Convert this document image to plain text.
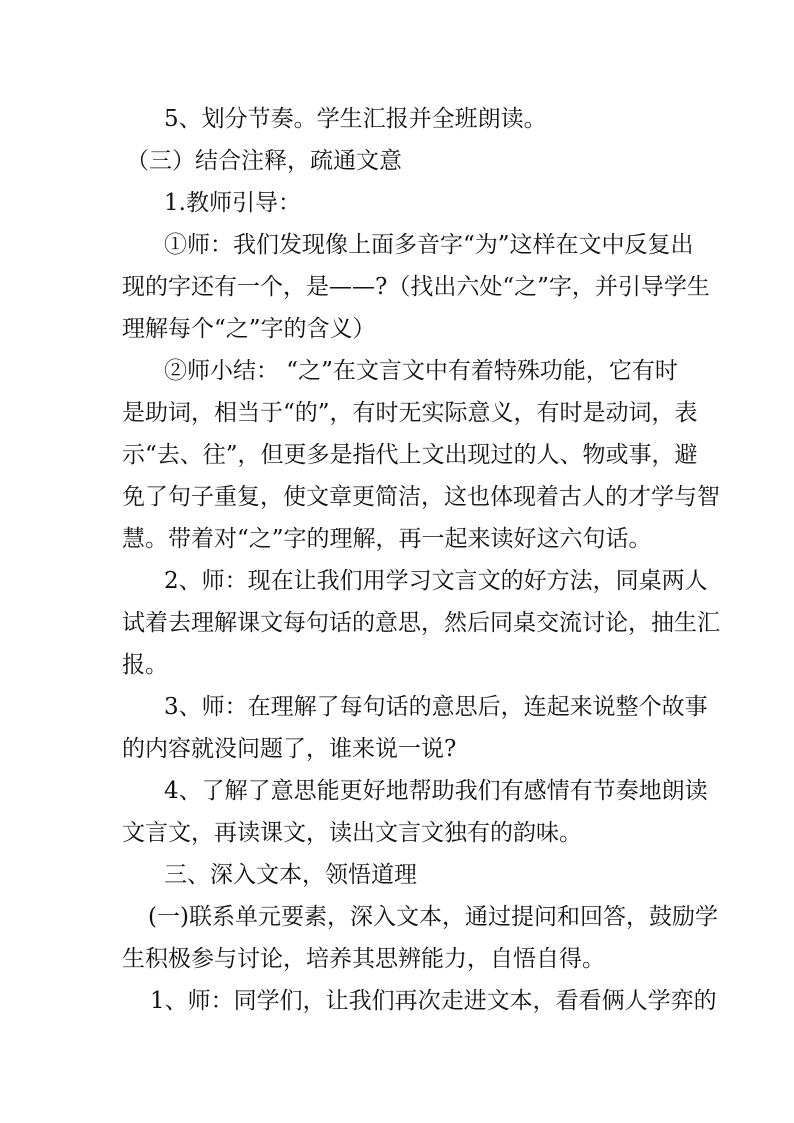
5、划分节奏。学生汇报并全班朗读。
（三）结合注释，疏通文意
1.教师引导：
①师：我们发现像上面多音字“为”这样在文中反复出
现的字还有一个，是——?（找出六处“之”字，并引导学生
理解每个“之”字的含义）
②师小结： “之”在文言文中有着特殊功能，它有时
是助词，相当于“的”，有时无实际意义，有时是动词，表
示“去、往”，但更多是指代上文出现过的人、物或事，避
免了句子重复，使文章更简洁，这也体现着古人的才学与智
慧。带着对“之”字的理解，再一起来读好这六句话。
2、师：现在让我们用学习文言文的好方法，同桌两人
试着去理解课文每句话的意思，然后同桌交流讨论，抽生汇
报。
3、师：在理解了每句话的意思后，连起来说整个故事
的内容就没问题了，谁来说一说?
4、了解了意思能更好地帮助我们有感情有节奏地朗读
文言文，再读课文，读出文言文独有的韵味。
三、深入文本，领悟道理
(一)联系单元要素，深入文本，通过提问和回答，鼓励学
生积极参与讨论，培养其思辨能力，自悟自得。
1、师：同学们，让我们再次走进文本，看看俩人学弈的
